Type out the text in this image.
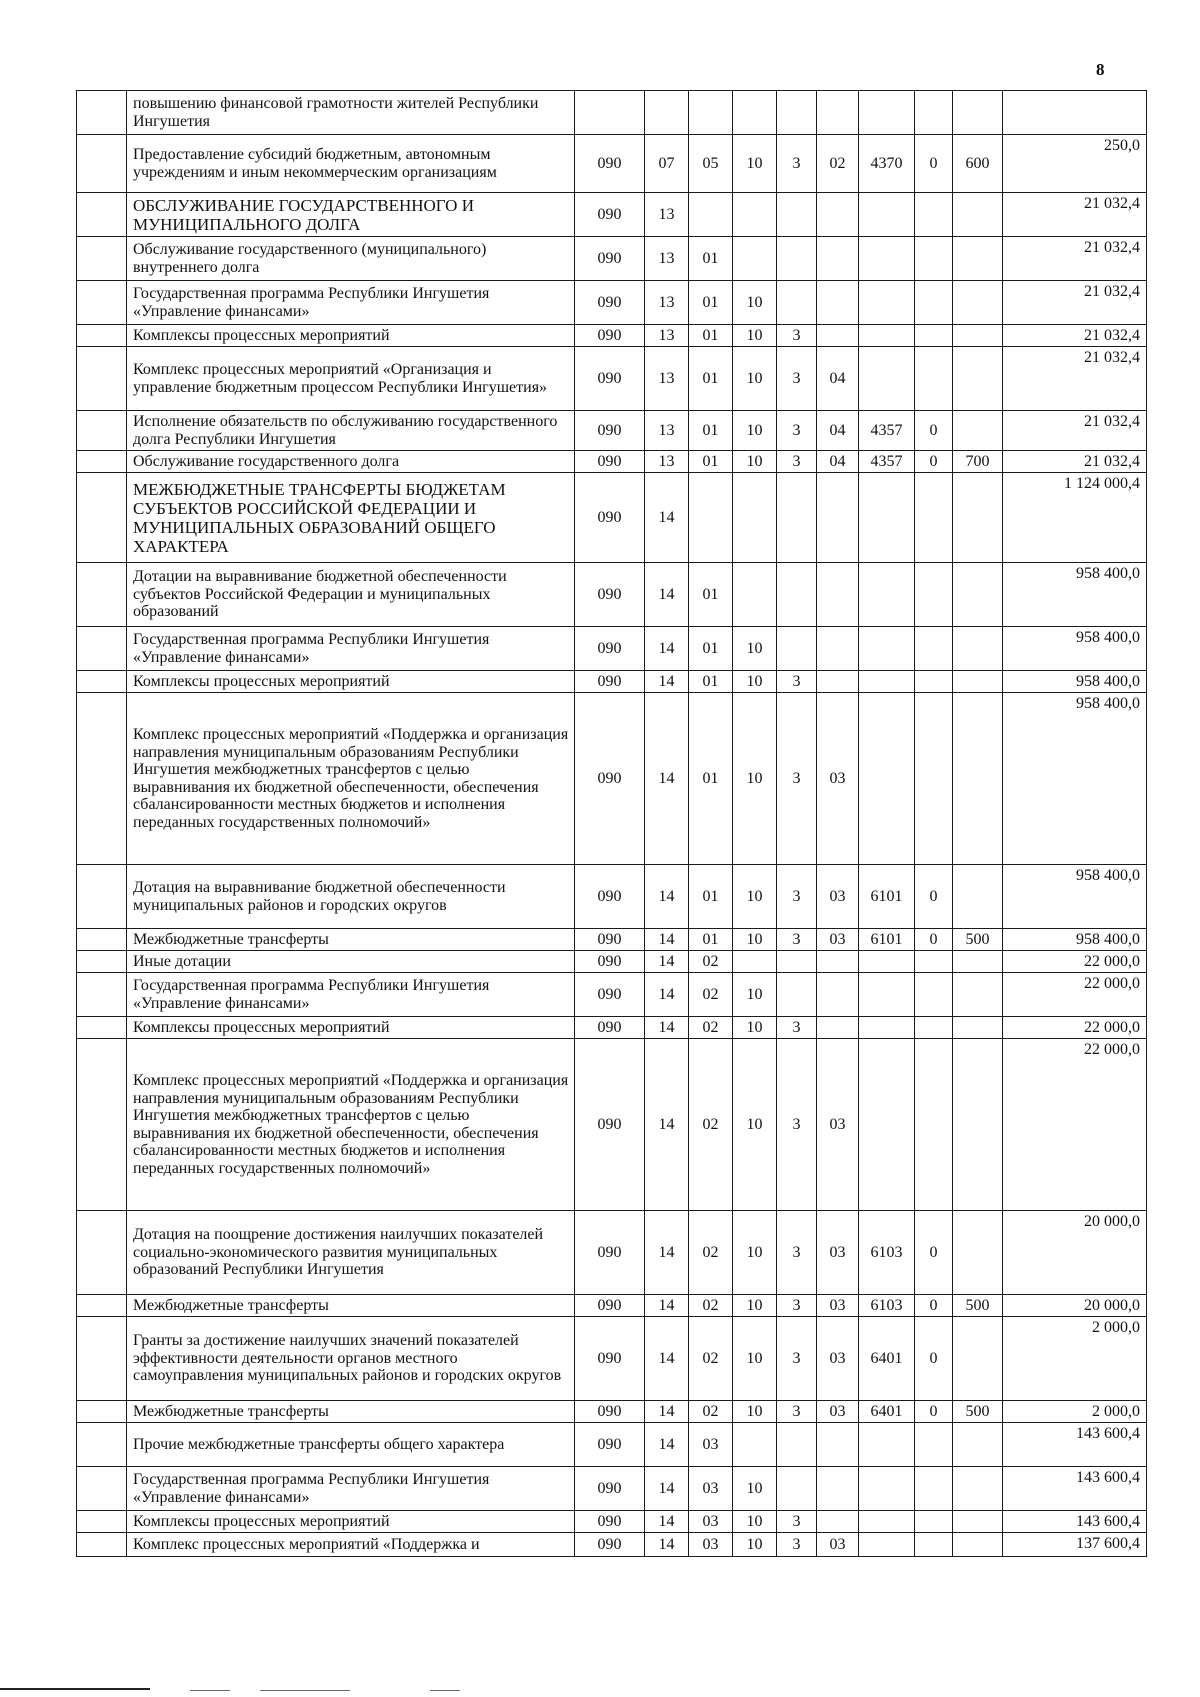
8
	повышению финансовой грамотности жителей Республики Ингушетия										
	Предоставление субсидий бюджетным, автономным учреждениям и иным некоммерческим организациям	090	07	05	10	3	02	4370	0	600	250,0
	ОБСЛУЖИВАНИЕ ГОСУДАРСТВЕННОГО И МУНИЦИПАЛЬНОГО ДОЛГА	090	13								21 032,4
	Обслуживание государственного (муниципального) внутреннего долга	090	13	01							21 032,4
	Государственная программа Республики Ингушетия «Управление финансами»	090	13	01	10						21 032,4
	Комплексы процессных мероприятий	090	13	01	10	3					21 032,4
	Комплекс процессных мероприятий «Организация и управление бюджетным процессом Республики Ингушетия»	090	13	01	10	3	04				21 032,4
	Исполнение обязательств по обслуживанию государственного долга Республики Ингушетия	090	13	01	10	3	04	4357	0		21 032,4
	Обслуживание государственного долга	090	13	01	10	3	04	4357	0	700	21 032,4
	МЕЖБЮДЖЕТНЫЕ ТРАНСФЕРТЫ БЮДЖЕТАМ СУБЪЕКТОВ РОССИЙСКОЙ ФЕДЕРАЦИИ И МУНИЦИПАЛЬНЫХ ОБРАЗОВАНИЙ ОБЩЕГО ХАРАКТЕРА	090	14								1 124 000,4
	Дотации на выравнивание бюджетной обеспеченности субъектов Российской Федерации и муниципальных образований	090	14	01							958 400,0
	Государственная программа Республики Ингушетия «Управление финансами»	090	14	01	10						958 400,0
	Комплексы процессных мероприятий	090	14	01	10	3					958 400,0
	Комплекс процессных мероприятий «Поддержка и организация направления муниципальным образованиям Республики Ингушетия межбюджетных трансфертов с целью выравнивания их бюджетной обеспеченности, обеспечения сбалансированности местных бюджетов и исполнения переданных государственных полномочий»	090	14	01	10	3	03				958 400,0
	Дотация на выравнивание бюджетной обеспеченности муниципальных районов и городских округов	090	14	01	10	3	03	6101	0		958 400,0
	Межбюджетные трансферты	090	14	01	10	3	03	6101	0	500	958 400,0
	Иные дотации	090	14	02							22 000,0
	Государственная программа Республики Ингушетия «Управление финансами»	090	14	02	10						22 000,0
	Комплексы процессных мероприятий	090	14	02	10	3					22 000,0
	Комплекс процессных мероприятий «Поддержка и организация направления муниципальным образованиям Республики Ингушетия межбюджетных трансфертов с целью выравнивания их бюджетной обеспеченности, обеспечения сбалансированности местных бюджетов и исполнения переданных государственных полномочий»	090	14	02	10	3	03				22 000,0
	Дотация на поощрение достижения наилучших показателей социально-экономического развития муниципальных образований Республики Ингушетия	090	14	02	10	3	03	6103	0		20 000,0
	Межбюджетные трансферты	090	14	02	10	3	03	6103	0	500	20 000,0
	Гранты за достижение наилучших значений показателей эффективности деятельности органов местного самоуправления муниципальных районов и городских округов	090	14	02	10	3	03	6401	0		2 000,0
	Межбюджетные трансферты	090	14	02	10	3	03	6401	0	500	2 000,0
	Прочие межбюджетные трансферты общего характера	090	14	03							143 600,4
	Государственная программа Республики Ингушетия «Управление финансами»	090	14	03	10						143 600,4
	Комплексы процессных мероприятий	090	14	03	10	3					143 600,4
	Комплекс процессных мероприятий «Поддержка и	090	14	03	10	3	03				137 600,4
